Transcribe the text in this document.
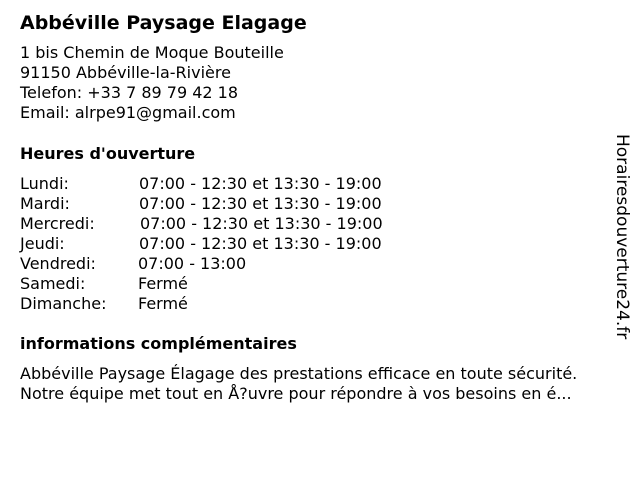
Abbéville Paysage Elagage
1 bis Chemin de Moque Bouteille
91150 Abbéville-la-Rivière
Telefon: +33 7 89 79 42 18
Email: alrpe91@gmail.com
Heures d'ouverture
Lundi:	07:00 - 12:30 et 13:30 - 19:00
Mardi:	07:00 - 12:30 et 13:30 - 19:00
Mercredi:	07:00 - 12:30 et 13:30 - 19:00
Jeudi:	07:00 - 12:30 et 13:30 - 19:00
Vendredi:	07:00 - 13:00
Samedi:	Fermé
Dimanche: Fermé
informations complémentaires
Abbéville Paysage Élagage des prestations efficace en toute sécurité.
Notre équipe met tout en Å?uvre pour répondre à vos besoins en é...
Horairesdouverture24.fr
